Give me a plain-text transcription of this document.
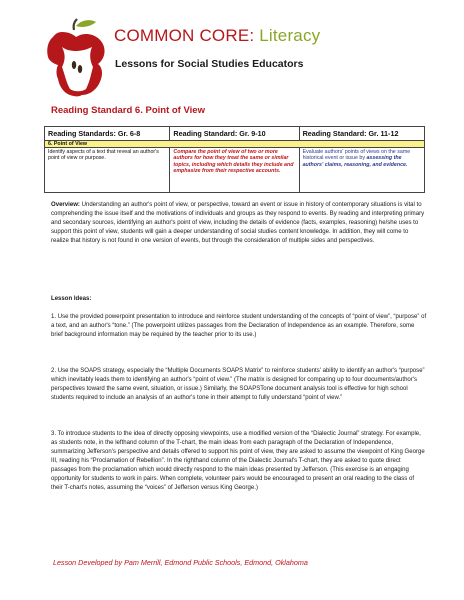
COMMON CORE: Literacy
Lessons for Social Studies Educators
Reading Standard 6. Point of View
Reading Standards: Gr. 6-8	Reading Standard: Gr. 9-10	Reading Standard: Gr. 11-12
6. Point of View		
Identify aspects of a text that reveal an author's point of view or purpose.	Compare the point of view of two or more authors for how they treat the same or similar topics, including which details they include and emphasize from their respective accounts.	Evaluate authors' points of views on the same historical event or issue by assessing the authors' claims, reasoning, and evidence.

Overview: Understanding an author's point of view, or perspective, toward an event or issue in history of contemporary situations is vital to comprehending the issue itself and the motivations of individuals and groups as they respond to events. By reading and interpreting primary and secondary sources, identifying an author's point of view, including the details of evidence (facts, examples, reasoning) he/she uses to support this point of view, students will gain a deeper understanding of social studies content knowledge. In addition, they will come to realize that history is not found in one version of events, but through the consideration of multiple sides and perspectives.

Lesson Ideas:

1. Use the provided powerpoint presentation to introduce and reinforce student understanding of the concepts of “point of view”, “purpose” of a text, and an author's “tone.” (The powerpoint utilizes passages from the Declaration of Independence as an example. Therefore, some brief background information may be required by the teacher prior to its use.)

2. Use the SOAPS strategy, especially the “Multiple Documents SOAPS Matrix” to reinforce students' ability to identify an author's “purpose” which inevitably leads them to identifying an author's “point of view.” (The matrix is designed for comparing up to four documents/author's perspectives toward the same event, situation, or issue.) Similarly, the SOAPSTone document analysis tool is effective for high school students required to include an analysis of an author's tone in their attempt to fully understand “point of view.”

3. To introduce students to the idea of directly opposing viewpoints, use a modified version of the “Dialectic Journal” strategy. For example, as students note, in the lefthand column of the T-chart, the main ideas from each paragraph of the Declaration of Independence, summarizing Jefferson's perspective and details offered to support his point of view, they are asked to assume the viewpoint of King George III, reading his “Proclamation of Rebellion”. In the righthand column of the Dialectic Journal's T-chart, they are asked to quote direct passages from the proclamation which would directly respond to the main ideas presented by Jefferson. (This exercise is an engaging opportunity for students to work in pairs. When complete, volunteer pairs would be encouraged to present an oral reading to the class of their T-chart's notes, assuming the “voices” of Jefferson versus King George.)

Lesson Developed by Pam Merrill, Edmond Public Schools, Edmond, Oklahoma
